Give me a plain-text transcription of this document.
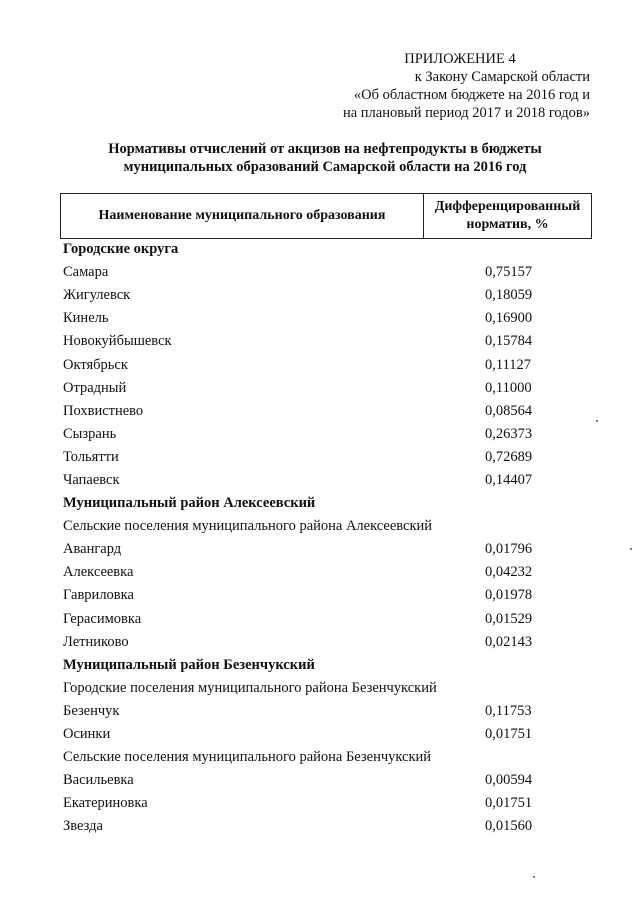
ПРИЛОЖЕНИЕ 4
к Закону Самарской области
«Об областном бюджете на 2016 год и
на плановый период 2017 и 2018 годов»
Нормативы отчислений от акцизов на нефтепродукты в бюджеты
муниципальных образований Самарской области на 2016 год
Наименование муниципального образования
Дифференцированный
норматив, %
Городские округа
Самара	0,75157
Жигулевск	0,18059
Кинель	0,16900
Новокуйбышевск	0,15784
Октябрьск	0,11127
Отрадный	0,11000
Похвистнево	0,08564
Сызрань	0,26373
Тольятти	0,72689
Чапаевск	0,14407
Муниципальный район Алексеевский
Сельские поселения муниципального района Алексеевский
Авангард	0,01796
Алексеевка	0,04232
Гавриловка	0,01978
Герасимовка	0,01529
Летниково	0,02143
Муниципальный район Безенчукский
Городские поселения муниципального района Безенчукский
Безенчук	0,11753
Осинки	0,01751
Сельские поселения муниципального района Безенчукский
Васильевка	0,00594
Екатериновка	0,01751
Звезда	0,01560
